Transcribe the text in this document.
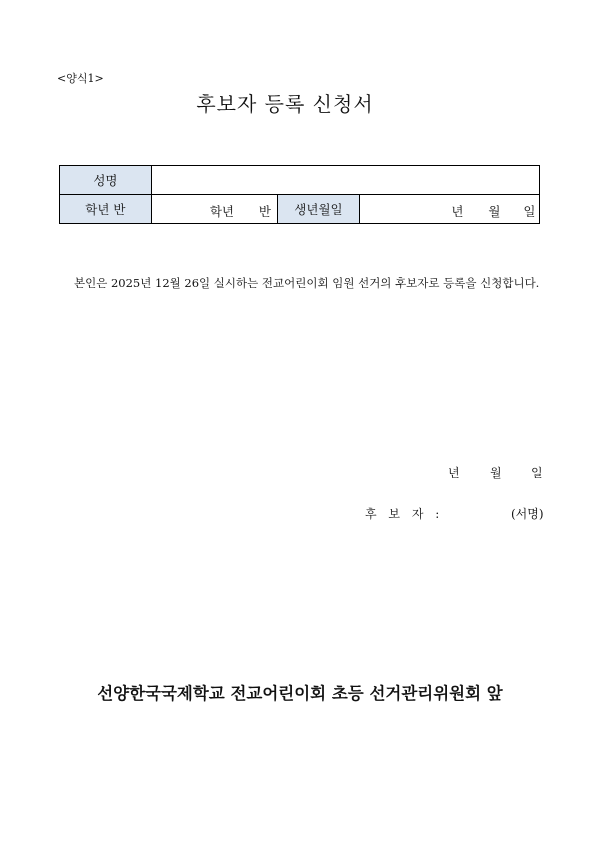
<양식1>
후보자 등록 신청서
성명			
학년 반	학년 반	생년월일	년 월 일
본인은 2025년 12월 26일 실시하는 전교어린이회 임원 선거의 후보자로 등록을 신청합니다.
년	월 일
후 보 자 :	(서명)
선양한국국제학교 전교어린이회 초등 선거관리위원회 앞
